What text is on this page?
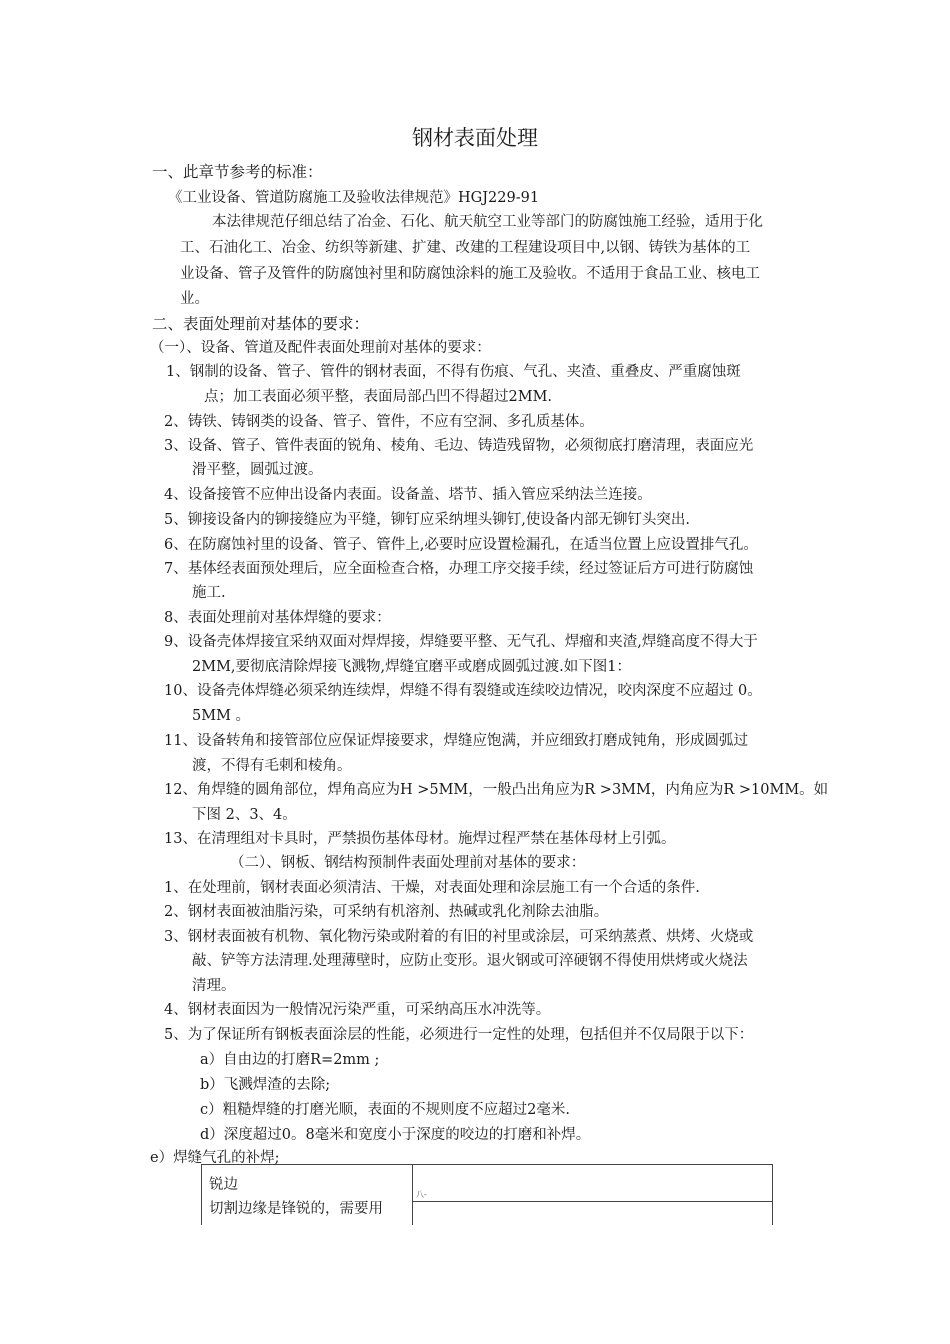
钢材表面处理
一、此章节参考的标准：
《工业设备、管道防腐施工及验收法律规范》HGJ229-91
本法律规范仔细总结了冶金、石化、航天航空工业等部门的防腐蚀施工经验，适用于化
工、石油化工、冶金、纺织等新建、扩建、改建的工程建设项目中,以钢、铸铁为基体的工
业设备、管子及管件的防腐蚀衬里和防腐蚀涂料的施工及验收。不适用于食品工业、核电工
业。
二、表面处理前对基体的要求：
（一）、设备、管道及配件表面处理前对基体的要求：
1、钢制的设备、管子、管件的钢材表面，不得有伤痕、气孔、夹渣、重叠皮、严重腐蚀斑
点；加工表面必须平整，表面局部凸凹不得超过2MM.
2、铸铁、铸钢类的设备、管子、管件，不应有空洞、多孔质基体。
3、设备、管子、管件表面的锐角、棱角、毛边、铸造残留物，必须彻底打磨清理，表面应光
滑平整，圆弧过渡。
4、设备接管不应伸出设备内表面。设备盖、塔节、插入管应采纳法兰连接。
5、铆接设备内的铆接缝应为平缝，铆钉应采纳埋头铆钉,使设备内部无铆钉头突出.
6、在防腐蚀衬里的设备、管子、管件上,必要时应设置检漏孔，在适当位置上应设置排气孔。
7、基体经表面预处理后，应全面检查合格，办理工序交接手续，经过签证后方可进行防腐蚀
施工.
8、表面处理前对基体焊缝的要求：
9、设备壳体焊接宜采纳双面对焊焊接，焊缝要平整、无气孔、焊瘤和夹渣,焊缝高度不得大于
2MM,要彻底清除焊接飞溅物,焊缝宜磨平或磨成圆弧过渡.如下图1：
10、设备壳体焊缝必须采纳连续焊，焊缝不得有裂缝或连续咬边情况，咬肉深度不应超过 0。
5MM 。
11、设备转角和接管部位应保证焊接要求，焊缝应饱满，并应细致打磨成钝角，形成圆弧过
渡，不得有毛刺和棱角。
12、角焊缝的圆角部位，焊角高应为H >5MM，一般凸出角应为R >3MM，内角应为R >10MM。如
下图 2、3、4。
13、在清理组对卡具时，严禁损伤基体母材。施焊过程严禁在基体母材上引弧。
（二）、钢板、钢结构预制件表面处理前对基体的要求：
1、在处理前，钢材表面必须清洁、干燥，对表面处理和涂层施工有一个合适的条件.
2、钢材表面被油脂污染，可采纳有机溶剂、热碱或乳化剂除去油脂。
3、钢材表面被有机物、氧化物污染或附着的有旧的衬里或涂层，可采纳蒸煮、烘烤、火烧或
敲、铲等方法清理.处理薄壁时，应防止变形。退火钢或可淬硬钢不得使用烘烤或火烧法
清理。
4、钢材表面因为一般情况污染严重，可采纳高压水冲洗等。
5、为了保证所有钢板表面涂层的性能，必须进行一定性的处理，包括但并不仅局限于以下：
a）自由边的打磨R=2mm ;
b）飞溅焊渣的去除;
c）粗糙焊缝的打磨光顺，表面的不规则度不应超过2毫米.
d）深度超过0。8毫米和宽度小于深度的咬边的打磨和补焊。
e）焊缝气孔的补焊;
锐边
切割边缘是锋锐的，需要用
八-
